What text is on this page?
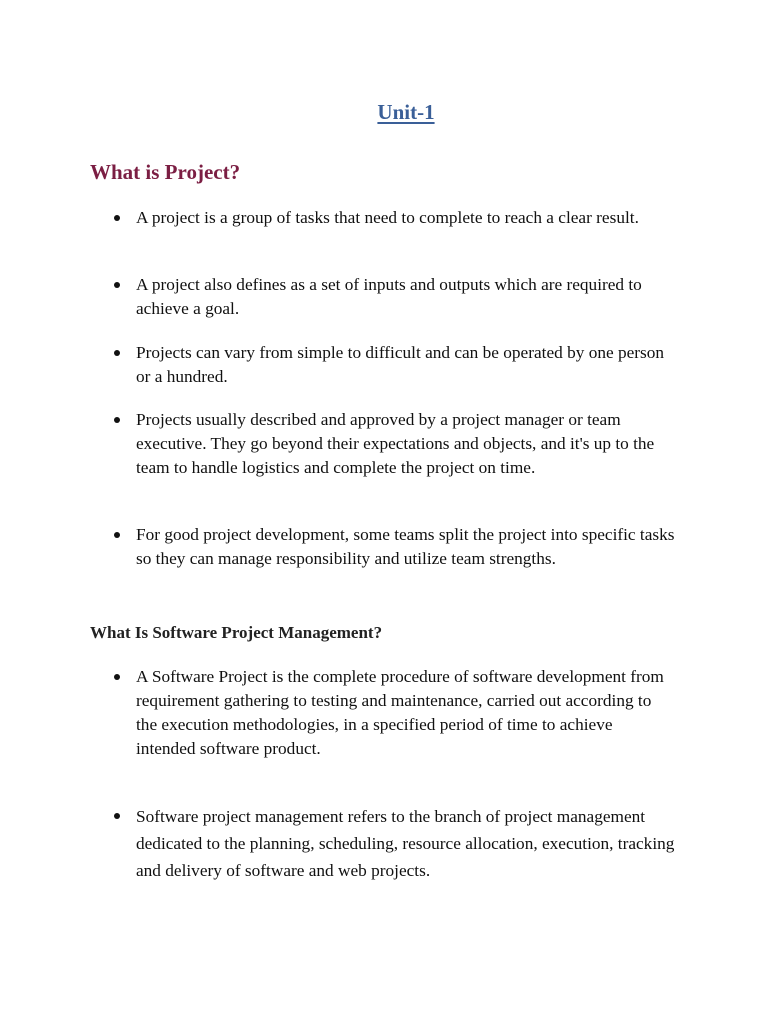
Unit-1
What is Project?
A project is a group of tasks that need to complete to reach a clear result.
A project also defines as a set of inputs and outputs which are required to achieve a goal.
Projects can vary from simple to difficult and can be operated by one person or a hundred.
Projects usually described and approved by a project manager or team executive. They go beyond their expectations and objects, and it's up to the team to handle logistics and complete the project on time.
For good project development, some teams split the project into specific tasks so they can manage responsibility and utilize team strengths.
What Is Software Project Management?
A Software Project is the complete procedure of software development from requirement gathering to testing and maintenance, carried out according to the execution methodologies, in a specified period of time to achieve intended software product.
Software project management refers to the branch of project management dedicated to the planning, scheduling, resource allocation, execution, tracking and delivery of software and web projects.
